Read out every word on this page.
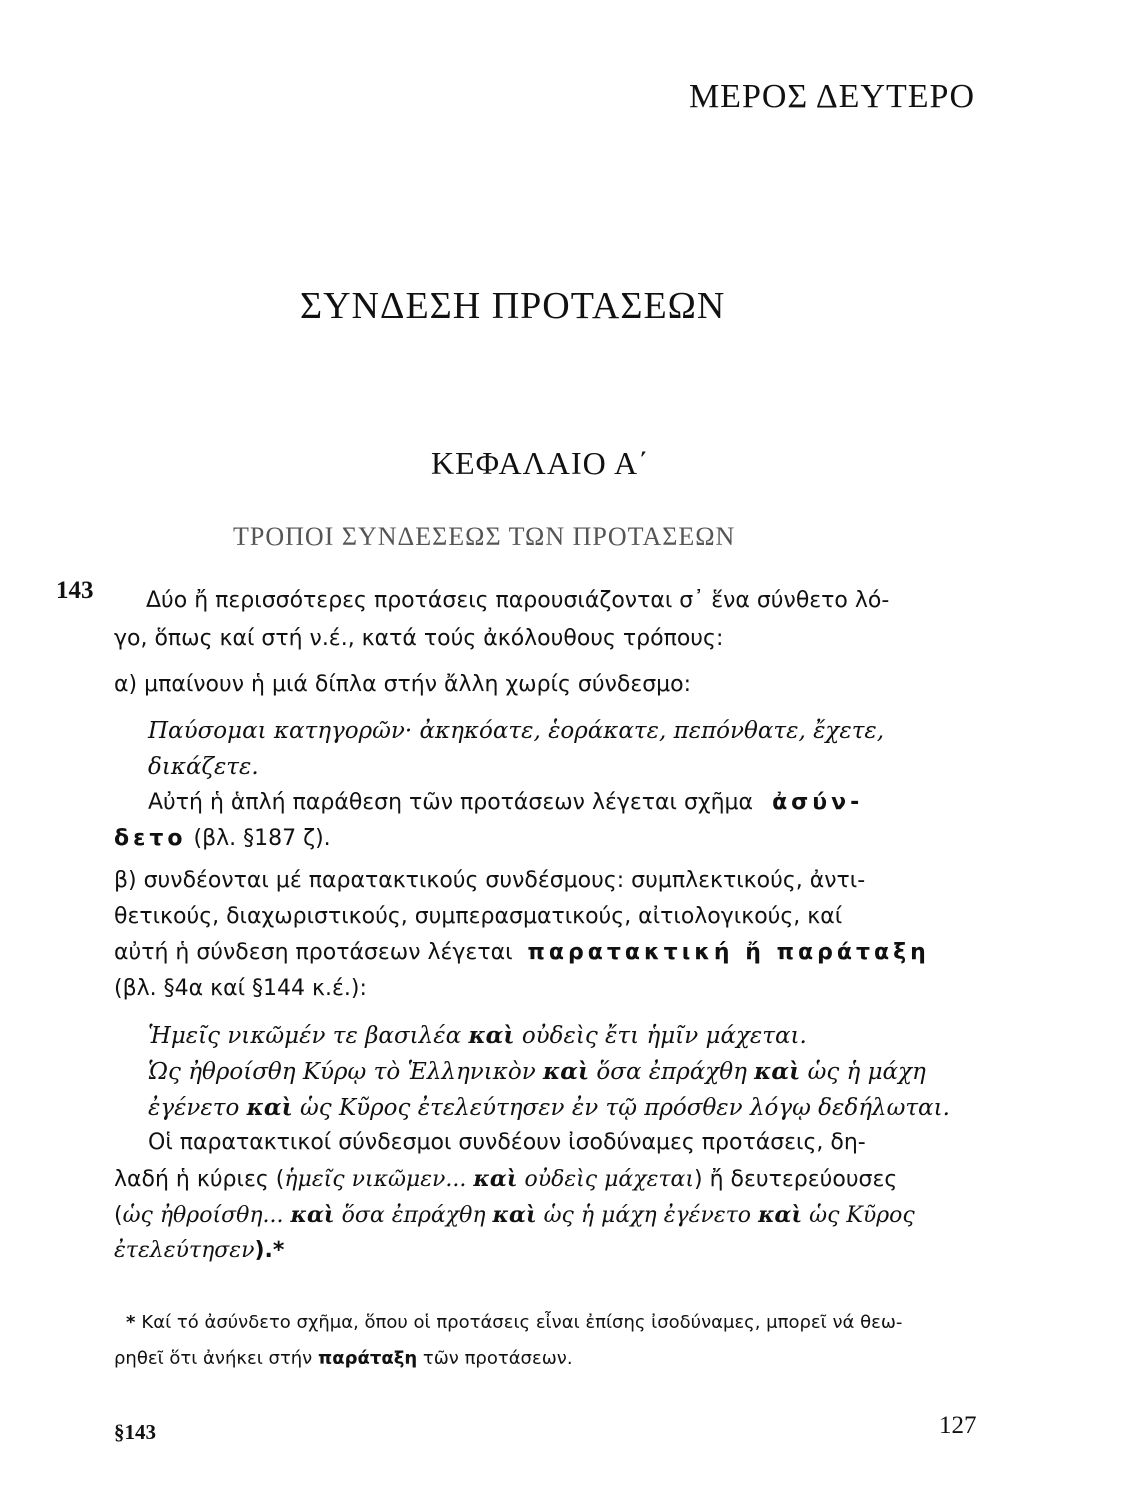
ΜΕΡΟΣ ΔΕΥΤΕΡΟ
ΣΥΝΔΕΣΗ ΠΡΟΤΑΣΕΩΝ
ΚΕΦΑΛΑΙΟ Α΄
ΤΡΟΠΟΙ ΣΥΝΔΕΣΕΩΣ ΤΩΝ ΠΡΟΤΑΣΕΩΝ
143 Δύο ἤ περισσότερες προτάσεις παρουσιάζονται σ᾽ ἕνα σύνθετο λό-
γο, ὅπως καί στή ν.έ., κατά τούς ἀκόλουθους τρόπους:
α) μπαίνουν ἡ μιά δίπλα στήν ἄλλη χωρίς σύνδεσμο:
Παύσομαι κατηγορῶν· ἀκηκόατε, ἑοράκατε, πεπόνθατε, ἔχετε,
δικάζετε.
Αὐτή ἡ ἁπλή παράθεση τῶν προτάσεων λέγεται σχῆμα ἀσύν-
δετο (βλ. §187 ζ).
β) συνδέονται μέ παρατακτικούς συνδέσμους: συμπλεκτικούς, ἀντι-
θετικούς, διαχωριστικούς, συμπερασματικούς, αἰτιολογικούς, καί
αὐτή ἡ σύνδεση προτάσεων λέγεται παρατακτική ἤ παράταξη
(βλ. §4α καί §144 κ.έ.):
Ἡμεῖς νικῶμέν τε βασιλέα καὶ οὐδεὶς ἔτι ἡμῖν μάχεται.
Ὡς ἠθροίσθη Κύρῳ τὸ Ἑλληνικὸν καὶ ὅσα ἐπράχθη καὶ ὡς ἡ μάχη
ἐγένετο καὶ ὡς Κῦρος ἐτελεύτησεν ἐν τῷ πρόσθεν λόγῳ δεδήλωται.
Οἱ παρατακτικοί σύνδεσμοι συνδέουν ἰσοδύναμες προτάσεις, δη-
λαδή ἡ κύριες (ἡμεῖς νικῶμεν... καὶ οὐδεὶς μάχεται) ἤ δευτερεύουσες
(ὡς ἠθροίσθη... καὶ ὅσα ἐπράχθη καὶ ὡς ἡ μάχη ἐγένετο καὶ ὡς Κῦρος
ἐτελεύτησεν).*
* Καί τό ἀσύνδετο σχῆμα, ὅπου οἱ προτάσεις εἶναι ἐπίσης ἰσοδύναμες, μπορεῖ νά θεω-
ρηθεῖ ὅτι ἀνήκει στήν παράταξη τῶν προτάσεων.
§143	127
